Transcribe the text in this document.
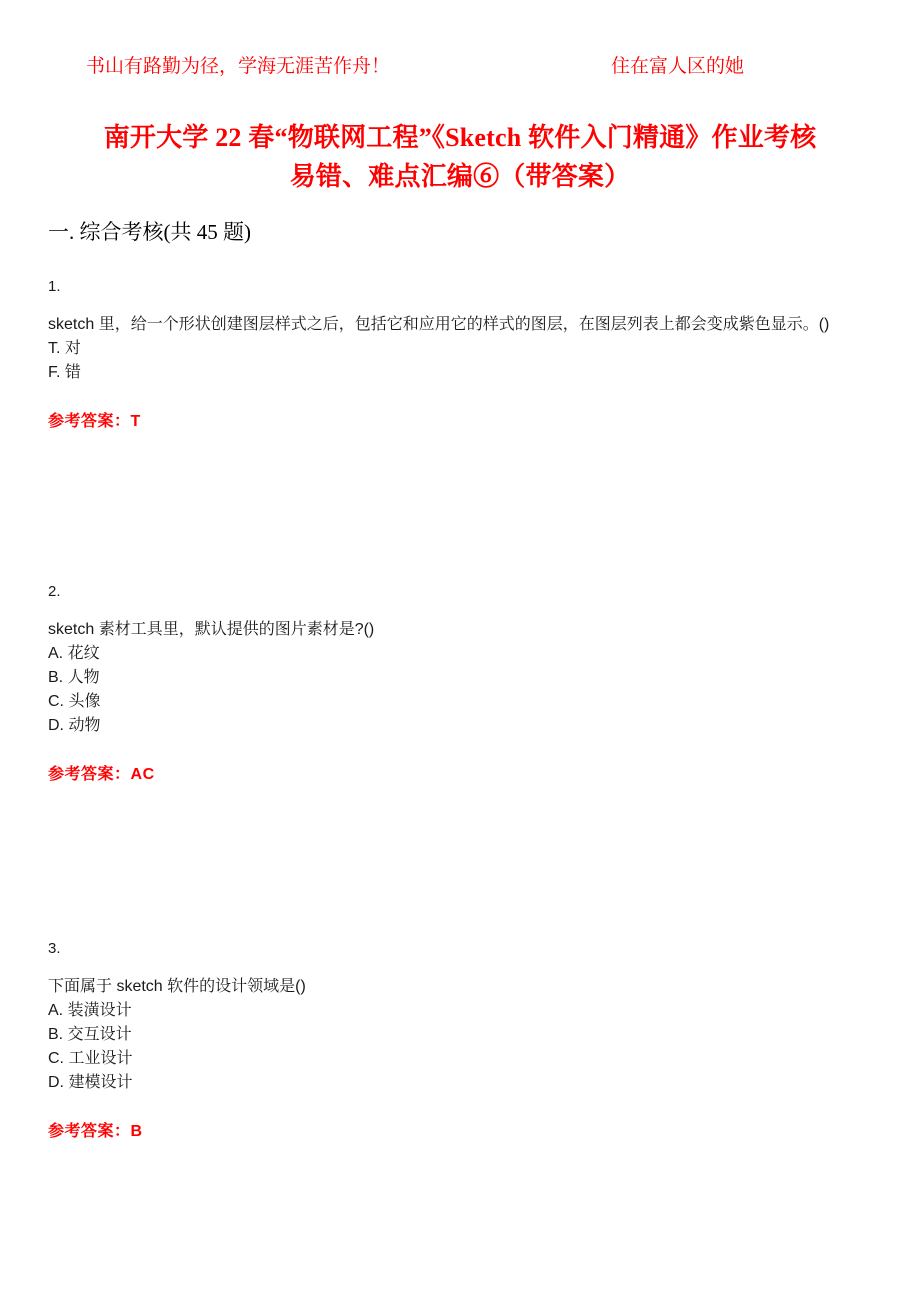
书山有路勤为径，学海无涯苦作舟！	住在富人区的她
南开大学 22 春“物联网工程”《Sketch 软件入门精通》作业考核
易错、难点汇编⑥（带答案）
一. 综合考核(共 45 题)
1.
sketch 里，给一个形状创建图层样式之后，包括它和应用它的样式的图层，在图层列表上都会变成紫色显示。()
T. 对
F. 错
参考答案：T
2.
sketch 素材工具里，默认提供的图片素材是?()
A. 花纹
B. 人物
C. 头像
D. 动物
参考答案：AC
3.
下面属于 sketch 软件的设计领域是()
A. 装潢设计
B. 交互设计
C. 工业设计
D. 建模设计
参考答案：B
